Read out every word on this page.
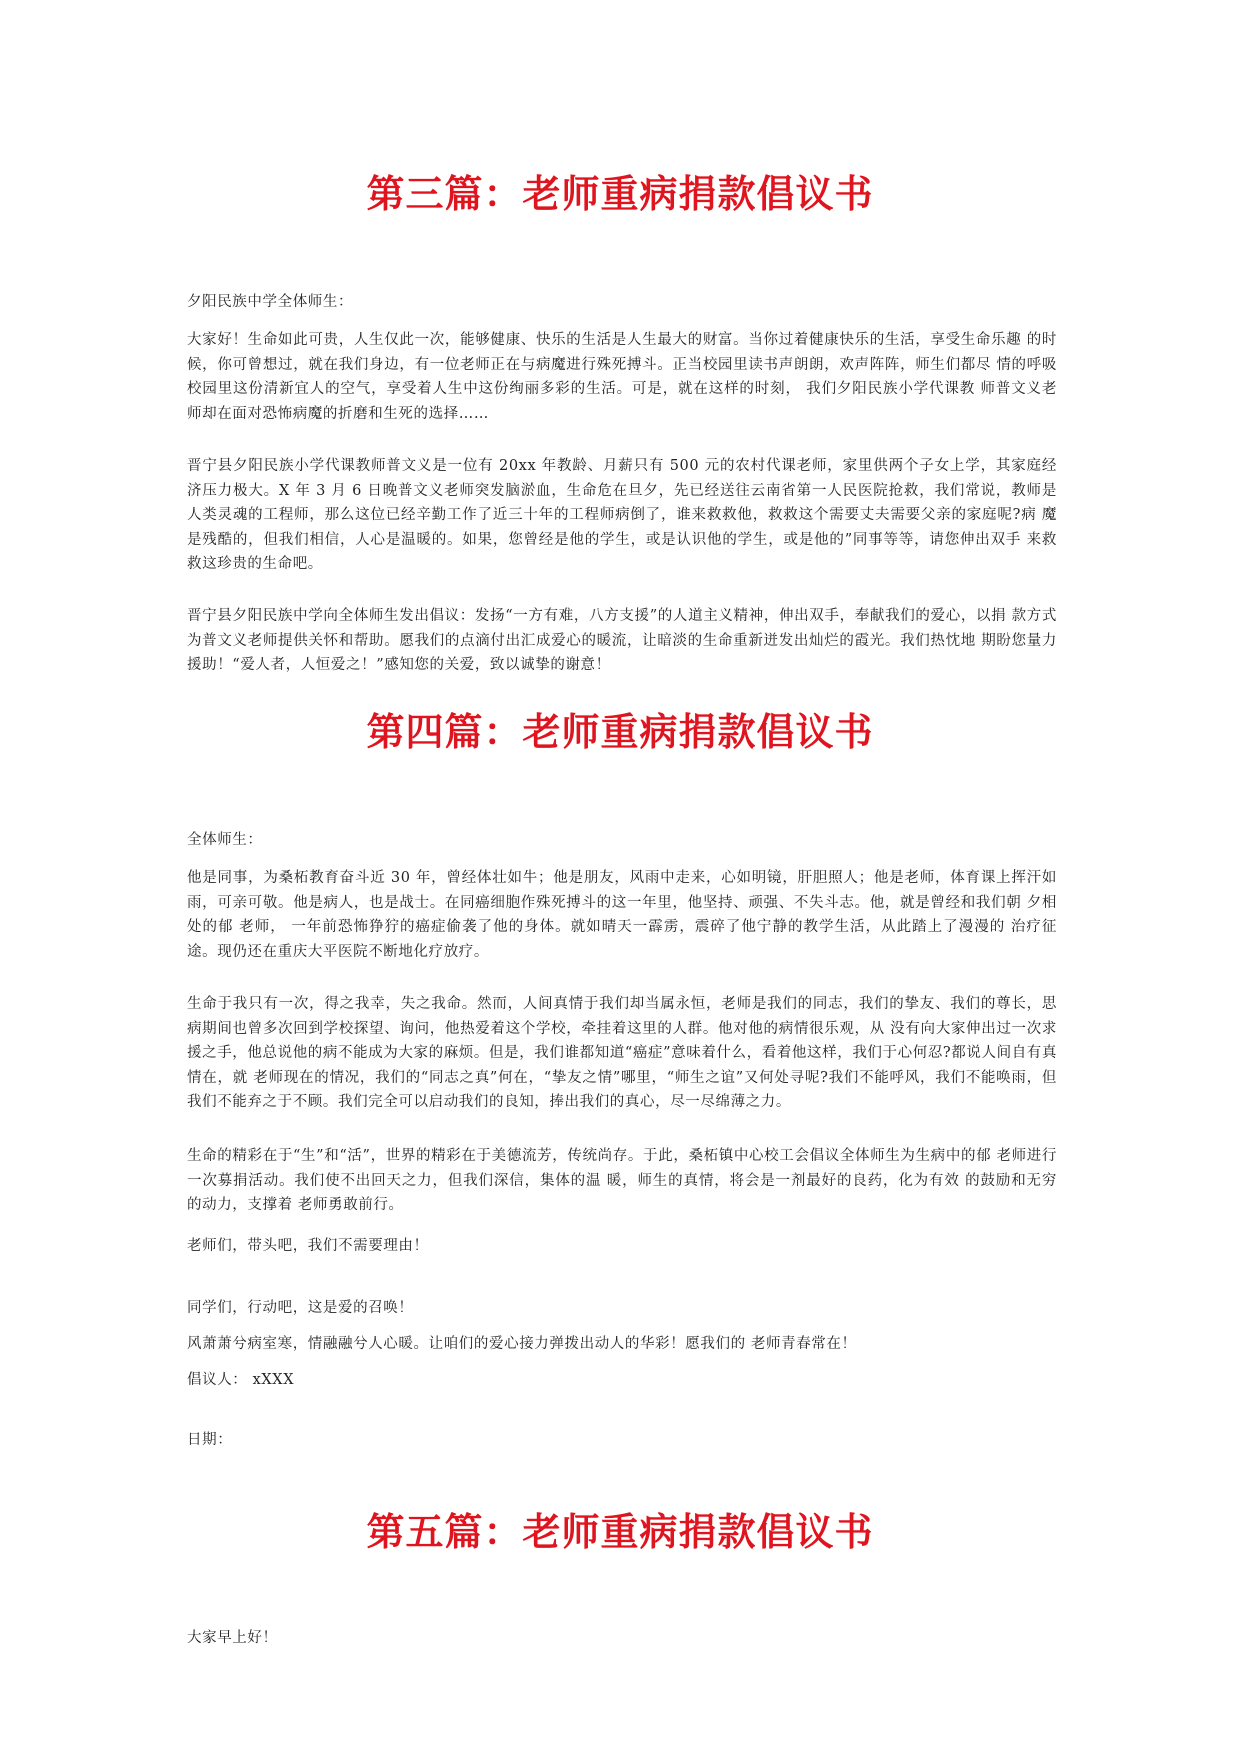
第三篇：老师重病捐款倡议书

夕阳民族中学全体师生：

大家好！生命如此可贵，人生仅此一次，能够健康、快乐的生活是人生最大的财富。当你过着健康快乐的生活，享受生命乐趣 的时候，你可曾想过，就在我们身边，有一位老师正在与病魔进行殊死搏斗。正当校园里读书声朗朗，欢声阵阵，师生们都尽 情的呼吸校园里这份清新宜人的空气，享受着人生中这份绚丽多彩的生活。可是，就在这样的时刻， 我们夕阳民族小学代课教 师普文义老师却在面对恐怖病魔的折磨和生死的选择……

晋宁县夕阳民族小学代课教师普文义是一位有 20xx 年教龄、月薪只有 500 元的农村代课老师，家里供两个子女上学，其家庭经 济压力极大。X 年 3 月 6 日晚普文义老师突发脑淤血，生命危在旦夕，先已经送往云南省第一人民医院抢救，我们常说，教师是 人类灵魂的工程师，那么这位已经辛勤工作了近三十年的工程师病倒了，谁来救救他，救救这个需要丈夫需要父亲的家庭呢?病 魔是残酷的，但我们相信，人心是温暖的。如果，您曾经是他的学生，或是认识他的学生，或是他的”同事等等，请您伸出双手 来救救这珍贵的生命吧。

晋宁县夕阳民族中学向全体师生发出倡议：发扬“一方有难，八方支援”的人道主义精神，伸出双手，奉献我们的爱心，以捐 款方式为普文义老师提供关怀和帮助。愿我们的点滴付出汇成爱心的暖流，让暗淡的生命重新迸发出灿烂的霞光。我们热忱地 期盼您量力援助！“爱人者，人恒爱之！”感知您的关爱，致以诚挚的谢意！

第四篇：老师重病捐款倡议书

全体师生：

他是同事，为桑柘教育奋斗近 30 年，曾经体壮如牛；他是朋友，风雨中走来，心如明镜，肝胆照人；他是老师，体育课上挥汗如 雨，可亲可敬。他是病人，也是战士。在同癌细胞作殊死搏斗的这一年里，他坚持、顽强、不失斗志。他，就是曾经和我们朝 夕相处的郁 老师， 一年前恐怖狰狞的癌症偷袭了他的身体。就如晴天一霹雳，震碎了他宁静的教学生活，从此踏上了漫漫的 治疗征途。现仍还在重庆大平医院不断地化疗放疗。

生命于我只有一次，得之我幸，失之我命。然而，人间真情于我们却当属永恒，老师是我们的同志，我们的挚友、我们的尊长，思病期间也曾多次回到学校探望、询问，他热爱着这个学校，牵挂着这里的人群。他对他的病情很乐观，从 没有向大家伸出过一次求援之手，他总说他的病不能成为大家的麻烦。但是，我们谁都知道“癌症”意味着什么，看着他这样，我们于心何忍?都说人间自有真情在，就 老师现在的情况，我们的“同志之真”何在，“挚友之情”哪里，“师生之谊”又何处寻呢?我们不能呼风，我们不能唤雨，但我们不能弃之于不顾。我们完全可以启动我们的良知，捧出我们的真心，尽一尽绵薄之力。

生命的精彩在于“生”和“活”，世界的精彩在于美德流芳，传统尚存。于此，桑柘镇中心校工会倡议全体师生为生病中的郁 老师进行一次募捐活动。我们使不出回天之力，但我们深信，集体的温 暖，师生的真情，将会是一剂最好的良药，化为有效 的鼓励和无穷的动力，支撑着 老师勇敢前行。

老师们，带头吧，我们不需要理由！

同学们，行动吧，这是爱的召唤！

风萧萧兮病室寒，情融融兮人心暖。让咱们的爱心接力弹拨出动人的华彩！愿我们的 老师青春常在！

倡议人： xXXX

日期：

第五篇：老师重病捐款倡议书

大家早上好！
